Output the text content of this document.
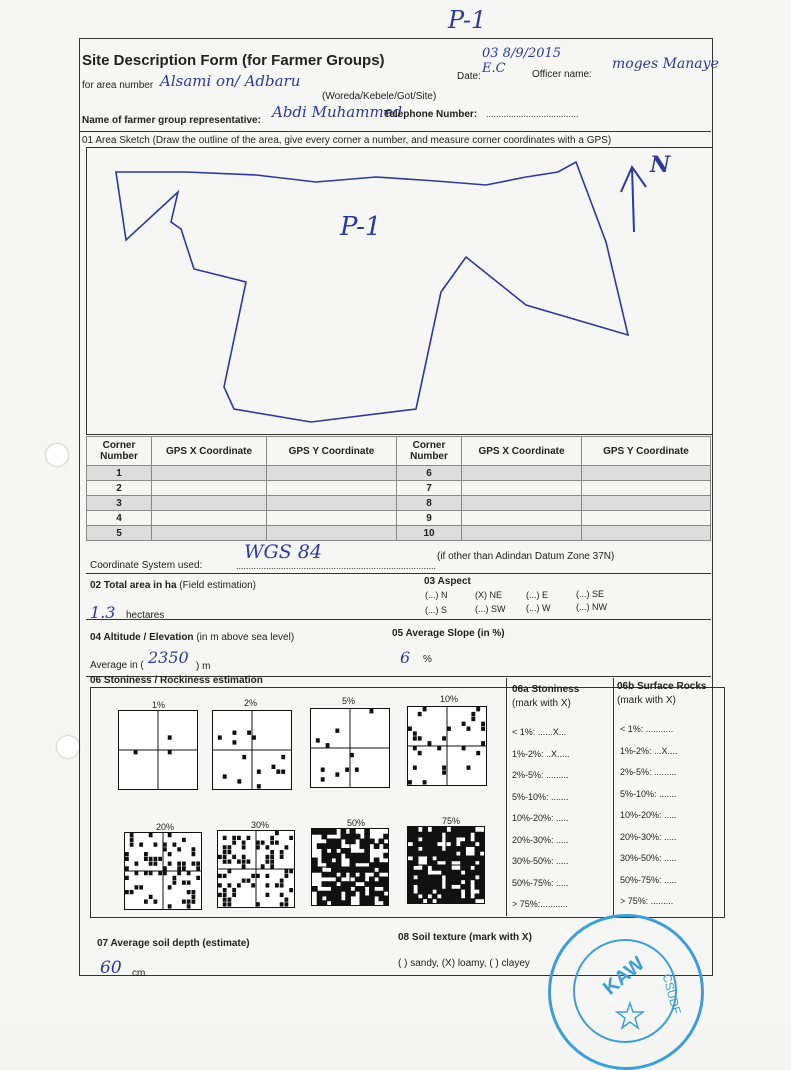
P-1
Site Description Form (for Farmer Groups)
for area number Alsami on/ Adbaru	Date:
03 8/9/2015 E.C	Officer name:
moges Manaye
(Woreda/Kebele/Got/Site)
Name of farmer group representative: Abdi Muhammed
Telephone Number: .....................................
01 Area Sketch (Draw the outline of the area, give every corner a number, and measure corner coordinates with a GPS)
P-1
N
Corner Number	GPS X Coordinate	GPS Y Coordinate	Corner Number	GPS X Coordinate	GPS Y Coordinate
1			6		
2			7		
3			8		
4			9		
5			10		
Coordinate System used:	................................................................................
WGS 84	(if other than Adindan Datum Zone 37N)
02 Total area in ha (Field estimation)
1.3 hectares
03 Aspect
(...) N	(X) NE	(...) E	(...) SE
(...) S	(...) SW (...) W	(...) NW
04 Altitude / Elevation (in m above sea level)
Average in ( 2350 ) m
05 Average Slope (in %)
6 %
06 Stoniness / Rockiness estimation
1%	2%	5%	10%
20%	30%	50%	75%
06a Stoniness
(mark with X)
< 1%: ......X...
1%-2%: ..X.....
2%-5%: .........
5%-10%: .......
10%-20%: .....
20%-30%: .....
30%-50%: .....
50%-75%: .....
> 75%:...........
06b Surface Rocks
(mark with X)
< 1%: ...........
1%-2%: ...X....
2%-5%: .........
5%-10%: .......
10%-20%: .....
20%-30%: .....
30%-50%: .....
50%-75%: .....
> 75%: .........
07 Average soil depth (estimate)
60 cm
08 Soil texture (mark with X)
( ) sandy, (X) loamy, ( ) clayey	KAW CSUDF
